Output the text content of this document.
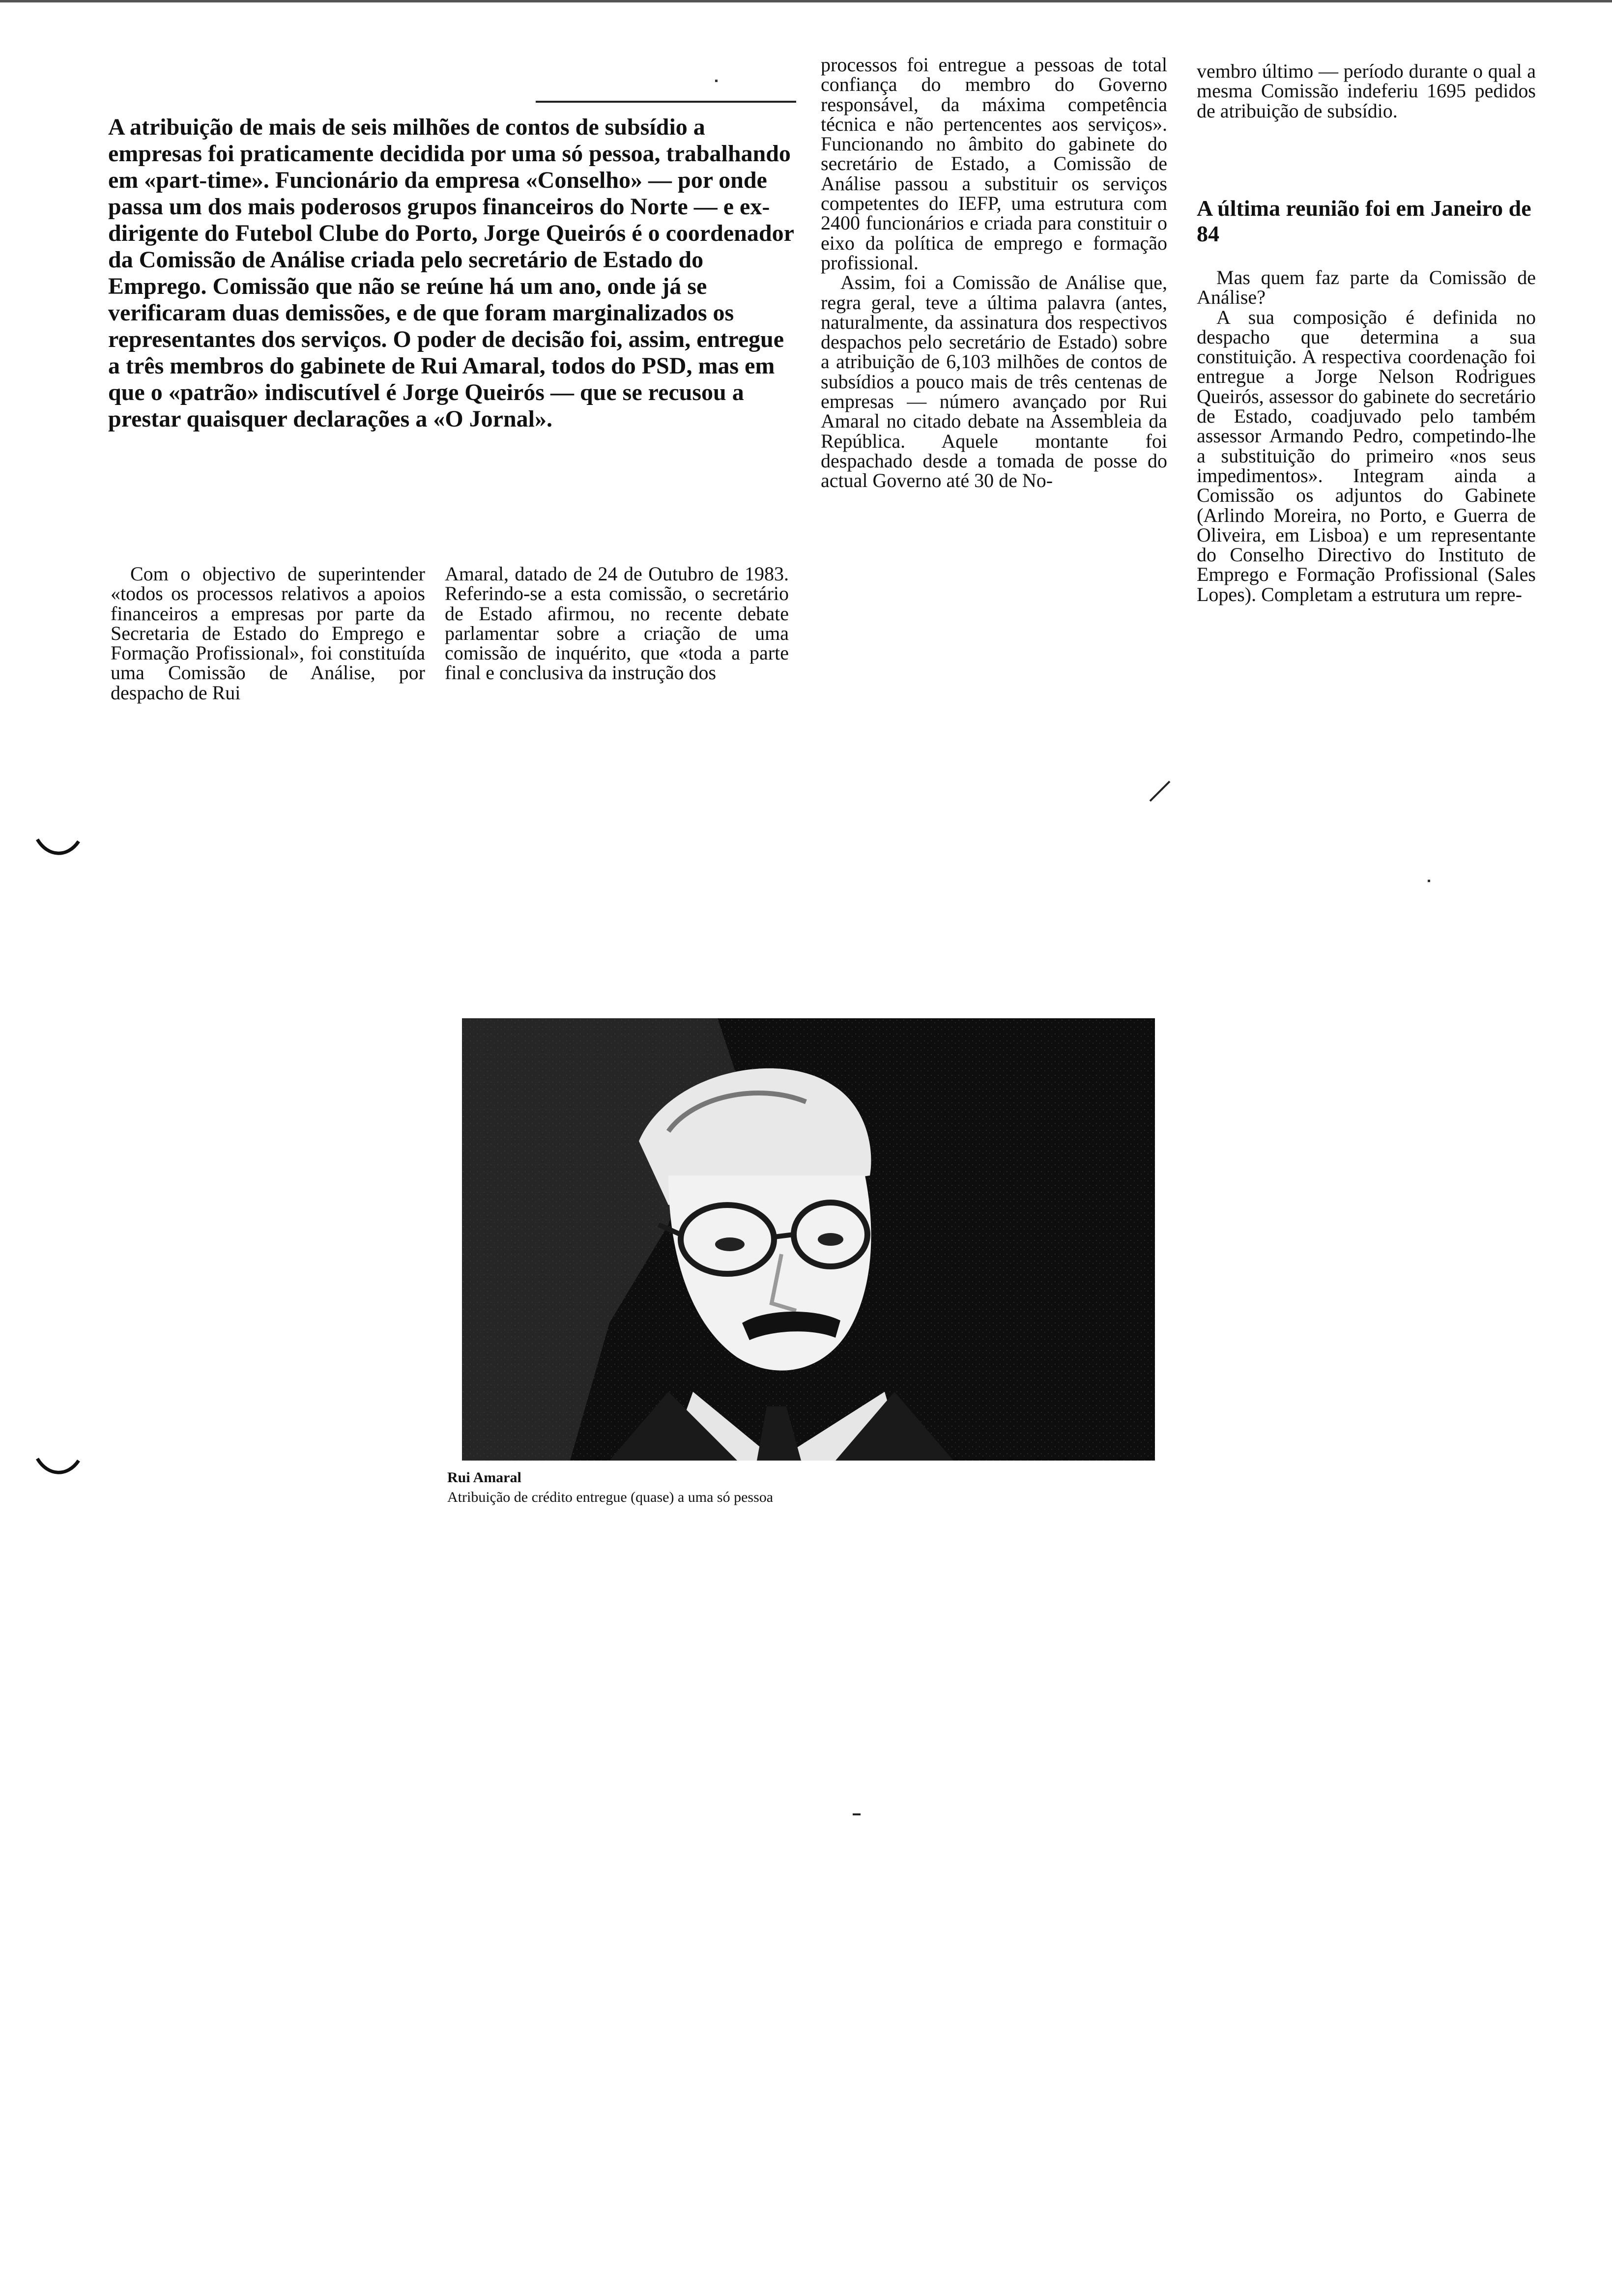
A atribuição de mais de seis milhões de contos de subsídio a empresas foi praticamente decidida por uma só pessoa, trabalhando em «part-time». Funcionário da empresa «Conselho» — por onde passa um dos mais poderosos grupos financeiros do Norte — e ex-dirigente do Futebol Clube do Porto, Jorge Queirós é o coordenador da Comissão de Análise criada pelo secretário de Estado do Emprego. Comissão que não se reúne há um ano, onde já se verificaram duas demissões, e de que foram marginalizados os representantes dos serviços. O poder de decisão foi, assim, entregue a três membros do gabinete de Rui Amaral, todos do PSD, mas em que o «patrão» indiscutível é Jorge Queirós — que se recusou a prestar quaisquer declarações a «O Jornal».

Com o objectivo de superintender «todos os processos relativos a apoios financeiros a empresas por parte da Secretaria de Estado do Emprego e Formação Profissional», foi constituída uma Comissão de Análise, por despacho de Rui

Amaral, datado de 24 de Outubro de 1983. Referindo-se a esta comissão, o secretário de Estado afirmou, no recente debate parlamentar sobre a criação de uma comissão de inquérito, que «toda a parte final e conclusiva da instrução dos

processos foi entregue a pessoas de total confiança do membro do Governo responsável, da máxima competência técnica e não pertencentes aos serviços». Funcionando no âmbito do gabinete do secretário de Estado, a Comissão de Análise passou a substituir os serviços competentes do IEFP, uma estrutura com 2400 funcionários e criada para constituir o eixo da política de emprego e formação profissional.

Assim, foi a Comissão de Análise que, regra geral, teve a última palavra (antes, naturalmente, da assinatura dos respectivos despachos pelo secretário de Estado) sobre a atribuição de 6,103 milhões de contos de subsídios a pouco mais de três centenas de empresas — número avançado por Rui Amaral no citado debate na Assembleia da República. Aquele montante foi despachado desde a tomada de posse do actual Governo até 30 de No-

vembro último — período durante o qual a mesma Comissão indeferiu 1695 pedidos de atribuição de subsídio.

A última reunião foi em Janeiro de 84

Mas quem faz parte da Comissão de Análise?

A sua composição é definida no despacho que determina a sua constituição. A respectiva coordenação foi entregue a Jorge Nelson Rodrigues Queirós, assessor do gabinete do secretário de Estado, coadjuvado pelo também assessor Armando Pedro, competindo-lhe a substituição do primeiro «nos seus impedimentos». Integram ainda a Comissão os adjuntos do Gabinete (Arlindo Moreira, no Porto, e Guerra de Oliveira, em Lisboa) e um representante do Conselho Directivo do Instituto de Emprego e Formação Profissional (Sales Lopes). Completam a estrutura um repre-

Rui Amaral
Atribuição de crédito entregue (quase) a uma só pessoa
